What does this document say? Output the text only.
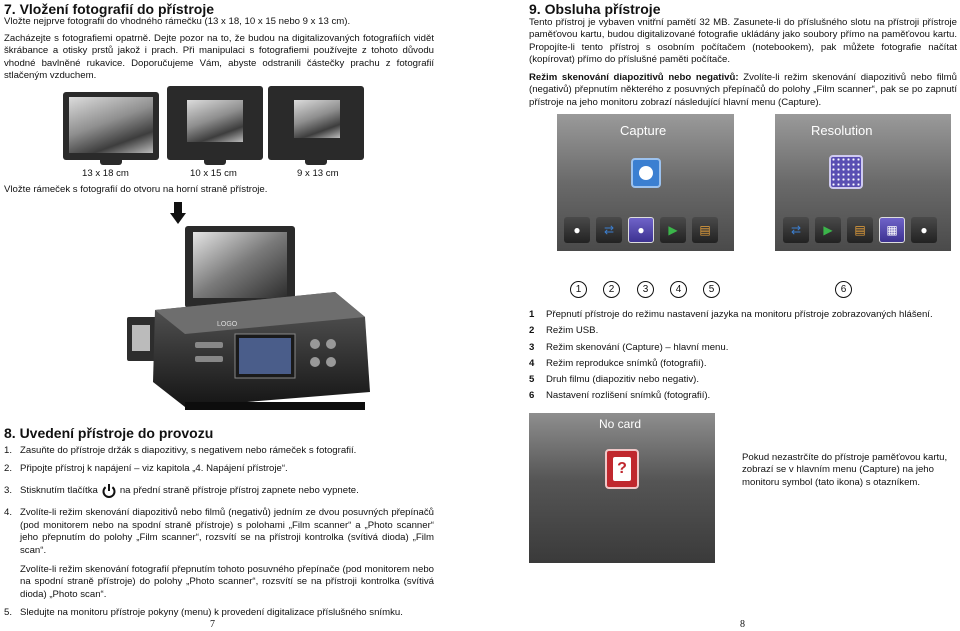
7. Vložení fotografií do přístroje
Vložte nejprve fotografii do vhodného rámečku (13 x 18, 10 x 15 nebo 9 x 13 cm).
Zacházejte s fotografiemi opatrně. Dejte pozor na to, že budou na digitalizovaných fotografiích vidět škrábance a otisky prstů jakož i prach. Při manipulaci s fotografiemi používejte z tohoto důvodu vhodné bavlněné rukavice. Doporučujeme Vám, abyste odstranili částečky prachu z fotografií stlačeným vzduchem.
13 x 18 cm	10 x 15 cm	9 x 13 cm
Vložte rámeček s fotografií do otvoru na horní straně přístroje.
LOGO
8. Uvedení přístroje do provozu
1. Zasuňte do přístroje držák s diapozitivy, s negativem nebo rámeček s fotografií.
2. Připojte přístroj k napájení – viz kapitola „4. Napájení přístroje“.
3. Stisknutím tlačítka na přední straně přístroje přístroj zapnete nebo vypnete.
4. Zvolíte-li režim skenování diapozitivů nebo filmů (negativů) jedním ze dvou posuvných přepínačů (pod monitorem nebo na spodní straně přístroje) s polohami „Film scanner“ a „Photo scanner“ jeho přepnutím do polohy „Film scanner“, rozsvítí se na přístroji kontrolka (svítivá dioda) „Film scan“.
Zvolíte-li režim skenování fotografií přepnutím tohoto posuvného přepínače (pod monitorem nebo na spodní straně přístroje) do polohy „Photo scanner“, rozsvítí se na přístroji kontrolka (svítivá dioda) „Photo scan“.
5. Sledujte na monitoru přístroje pokyny (menu) k provedení digitalizace příslušného snímku.
7
9. Obsluha přístroje
Tento přístroj je vybaven vnitřní pamětí 32 MB. Zasunete-li do příslušného slotu na přístroji přístroje paměťovou kartu, budou digitalizované fotografie ukládány jako soubory přímo na paměťovou kartu. Propojíte-li tento přístroj s osobním počítačem (notebookem), pak můžete fotografie načítat (kopírovat) přímo do příslušné paměti počítače.
Režim skenování diapozitivů nebo negativů: Zvolíte-li režim skenování diapozitivů nebo filmů (negativů) přepnutím některého z posuvných přepínačů do polohy „Film scanner“, pak se po zapnutí přístroje na jeho monitoru zobrazí následující hlavní menu (Capture).
Capture
●	⇄	●	▶	▤
Resolution
⇄	▶	▤	▦	●
1	2	3	4	5	6
1	Přepnutí přístroje do režimu nastavení jazyka na monitoru přístroje zobrazovaných hlášení.
2	Režim USB.
3	Režim skenování (Capture) – hlavní menu.
4	Režim reprodukce snímků (fotografií).
5	Druh filmu (diapozitiv nebo negativ).
6	Nastavení rozlišení snímků (fotografií).
No card
?
Pokud nezastrčíte do přístroje paměťovou kartu, zobrazí se v hlavním menu (Capture) na jeho monitoru symbol (tato ikona) s otazníkem.
8
